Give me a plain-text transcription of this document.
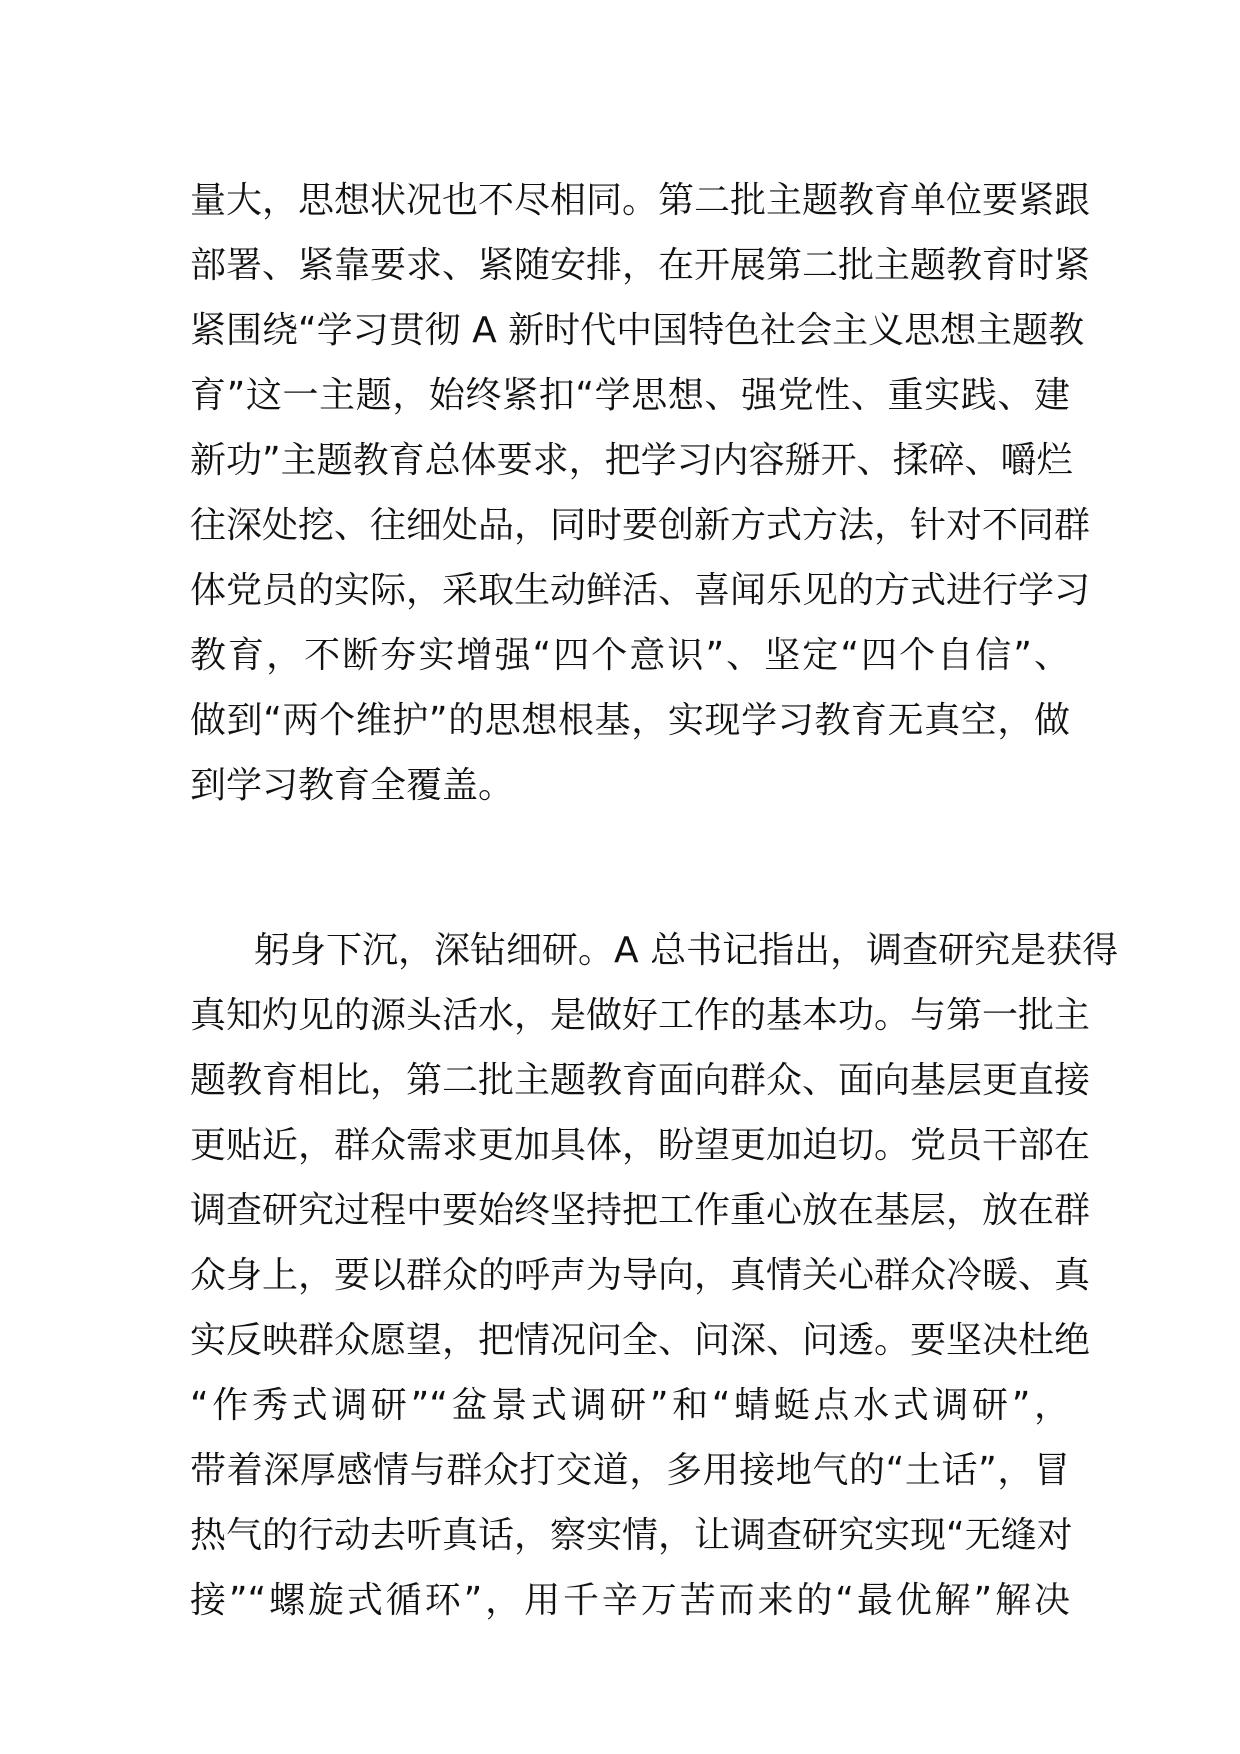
量大，思想状况也不尽相同。第二批主题教育单位要紧跟
部署、紧靠要求、紧随安排，在开展第二批主题教育时紧
紧围绕“学习贯彻 A 新时代中国特色社会主义思想主题教
育”这一主题，始终紧扣“学思想、强党性、重实践、建
新功”主题教育总体要求，把学习内容掰开、揉碎、嚼烂
往深处挖、往细处品，同时要创新方式方法，针对不同群
体党员的实际，采取生动鲜活、喜闻乐见的方式进行学习
教育，不断夯实增强“四个意识”、坚定“四个自信”、
做到“两个维护”的思想根基，实现学习教育无真空，做
到学习教育全覆盖。
躬身下沉，深钻细研。A 总书记指出，调查研究是获得
真知灼见的源头活水，是做好工作的基本功。与第一批主
题教育相比，第二批主题教育面向群众、面向基层更直接
更贴近，群众需求更加具体，盼望更加迫切。党员干部在
调查研究过程中要始终坚持把工作重心放在基层，放在群
众身上，要以群众的呼声为导向，真情关心群众冷暖、真
实反映群众愿望，把情况问全、问深、问透。要坚决杜绝
“作秀式调研”“盆景式调研”和“蜻蜓点水式调研”，
带着深厚感情与群众打交道，多用接地气的“土话”，冒
热气的行动去听真话，察实情，让调查研究实现“无缝对
接”“螺旋式循环”，用千辛万苦而来的“最优解”解决
